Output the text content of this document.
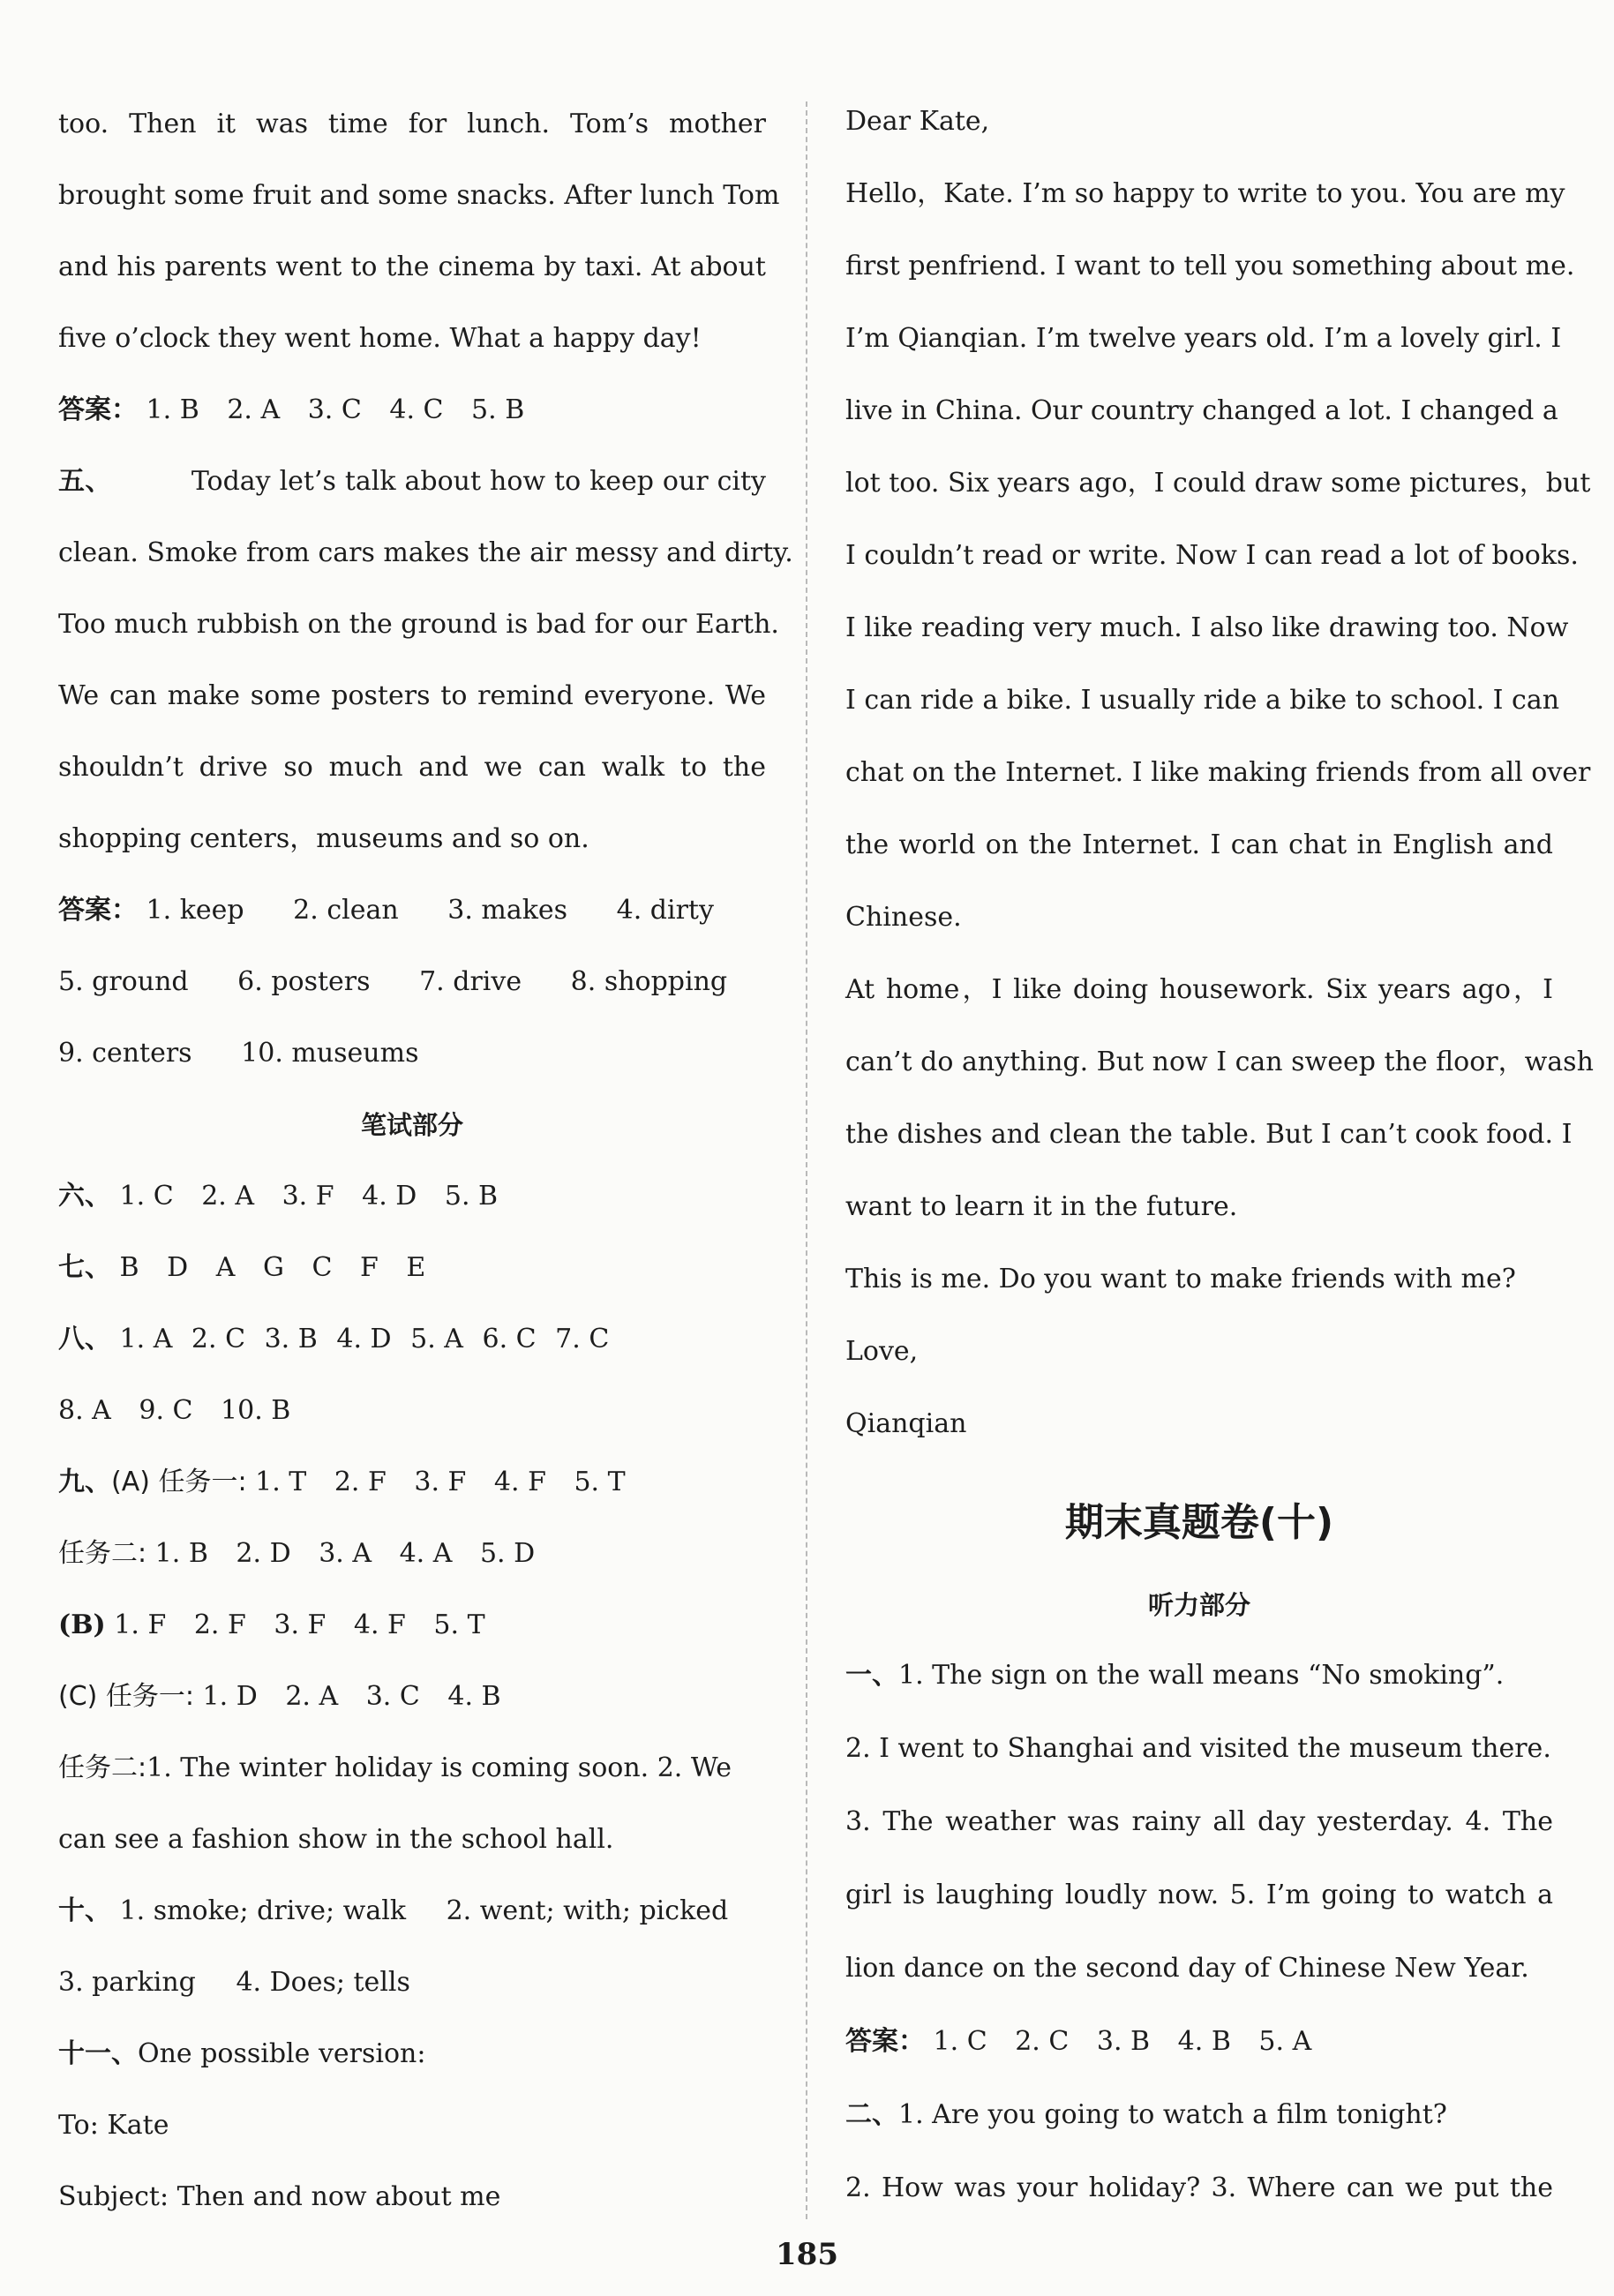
too. Then it was time for lunch. Tom’s mother
brought some fruit and some snacks. After lunch Tom
and his parents went to the cinema by taxi. At about
five o’clock they went home. What a happy day!
答案： 1. B 2. A 3. C 4. C 5. B
五、	Today let’s talk about how to keep our city
clean. Smoke from cars makes the air messy and dirty.
Too much rubbish on the ground is bad for our Earth.
We can make some posters to remind everyone. We
shouldn’t drive so much and we can walk to the
shopping centers，museums and so on.
答案： 1. keep 2. clean 3. makes 4. dirty
5. ground 6. posters 7. drive 8. shopping
9. centers 10. museums
笔试部分
六、 1. C 2. A 3. F 4. D 5. B
七、 B D A G C F E
八、 1. A 2. C 3. B 4. D 5. A 6. C 7. C
8. A 9. C 10. B
九、(A) 任务一: 1. T 2. F 3. F 4. F 5. T
任务二: 1. B 2. D 3. A 4. A 5. D
(B) 1. F 2. F 3. F 4. F 5. T
(C) 任务一: 1. D 2. A 3. C 4. B
任务二:1. The winter holiday is coming soon. 2. We
can see a fashion show in the school hall.
十、 1. smoke; drive; walk 2. went; with; picked
3. parking 4. Does; tells
十一、One possible version:
To: Kate
Subject: Then and now about me
Dear Kate,
Hello，Kate. I’m so happy to write to you. You are my
first penfriend. I want to tell you something about me.
I’m Qianqian. I’m twelve years old. I’m a lovely girl. I
live in China. Our country changed a lot. I changed a
lot too. Six years ago，I could draw some pictures，but
I couldn’t read or write. Now I can read a lot of books.
I like reading very much. I also like drawing too. Now
I can ride a bike. I usually ride a bike to school. I can
chat on the Internet. I like making friends from all over
the world on the Internet. I can chat in English and
Chinese.
At home，I like doing housework. Six years ago，I
can’t do anything. But now I can sweep the floor，wash
the dishes and clean the table. But I can’t cook food. I
want to learn it in the future.
This is me. Do you want to make friends with me?
Love,
Qianqian
期末真题卷(十)
听力部分
一、1. The sign on the wall means “No smoking”.
2. I went to Shanghai and visited the museum there.
3. The weather was rainy all day yesterday. 4. The
girl is laughing loudly now. 5. I’m going to watch a
lion dance on the second day of Chinese New Year.
答案： 1. C 2. C 3. B 4. B 5. A
二、1. Are you going to watch a film tonight?
2. How was your holiday? 3. Where can we put the
185
